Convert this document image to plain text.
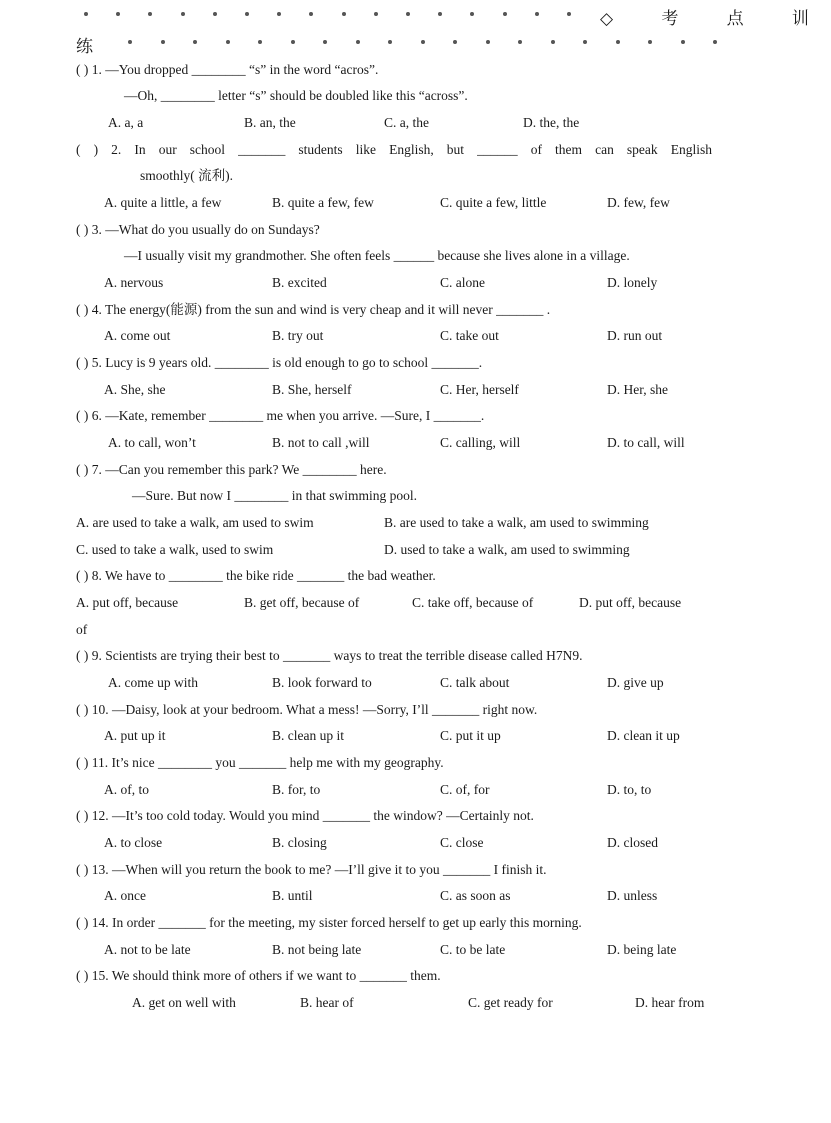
◇ 考 点 训
练
( ) 1. —You dropped ________ “s” in the word “acros”.
—Oh, ________ letter “s” should be doubled like this “across”.
A. a, a	B. an, the	C. a, the	D. the, the
( ) 2. In our school _______ students like English, but ______ of them can speak English
smoothly( 流利).
A. quite a little, a few	B. quite a few, few	C. quite a few, little	D. few, few
( ) 3. —What do you usually do on Sundays?
—I usually visit my grandmother. She often feels ______ because she lives alone in a village.
A. nervous	B. excited	C. alone	D. lonely
( ) 4. The energy(能源) from the sun and wind is very cheap and it will never _______ .
A. come out	B. try out	C. take out	D. run out
( ) 5. Lucy is 9 years old. ________ is old enough to go to school _______.
A. She, she	B. She, herself	C. Her, herself	D. Her, she
( ) 6. —Kate, remember ________ me when you arrive. —Sure, I _______.
A. to call, won’t	B. not to call ,will	C. calling, will	D. to call, will
( ) 7. —Can you remember this park? We ________ here.
—Sure. But now I ________ in that swimming pool.
A. are used to take a walk, am used to swim	B. are used to take a walk, am used to swimming
C. used to take a walk, used to swim	D. used to take a walk, am used to swimming
( ) 8. We have to ________ the bike ride _______ the bad weather.
A. put off, because	B. get off, because of	C. take off, because of	D. put off, because
of
( ) 9. Scientists are trying their best to _______ ways to treat the terrible disease called H7N9.
A. come up with	B. look forward to	C. talk about	D. give up
( ) 10. —Daisy, look at your bedroom. What a mess! —Sorry, I’ll _______ right now.
A. put up it	B. clean up it	C. put it up	D. clean it up
( ) 11. It’s nice ________ you _______ help me with my geography.
A. of, to	B. for, to	C. of, for	D. to, to
( ) 12. —It’s too cold today. Would you mind _______ the window? —Certainly not.
A. to close	B. closing	C. close	D. closed
( ) 13. —When will you return the book to me? —I’ll give it to you _______ I finish it.
A. once	B. until	C. as soon as	D. unless
( ) 14. In order _______ for the meeting, my sister forced herself to get up early this morning.
A. not to be late	B. not being late	C. to be late	D. being late
( ) 15. We should think more of others if we want to _______ them.
A. get on well with	B. hear of	C. get ready for	D. hear from
